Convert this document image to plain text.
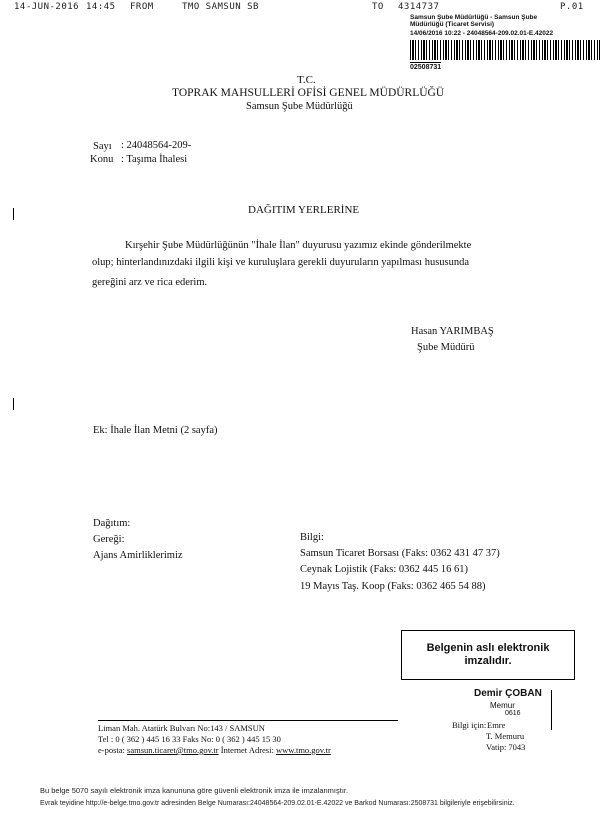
14-JUN-2016 14:45 FROM	TMO SAMSUN SB	TO 4314737	P.01
Samsun Şube Müdürlüğü - Samsun Şube
Müdürlüğü (Ticaret Servisi)
14/06/2016 10:22 - 24048564-209.02.01-E.42022
02508731
T.C.
TOPRAK MAHSULLERİ OFİSİ GENEL MÜDÜRLÜĞÜ
Samsun Şube Müdürlüğü
Sayı : 24048564-209-
Konu : Taşıma İhalesi
DAĞITIM YERLERİNE
Kırşehir Şube Müdürlüğünün "İhale İlan" duyurusu yazımız ekinde gönderilmekte
olup; hinterlandınızdaki ilgili kişi ve kuruluşlara gerekli duyuruların yapılması hususunda
gereğini arz ve rica ederim.
Hasan YARIMBAŞ
Şube Müdürü
Ek: İhale İlan Metni (2 sayfa)
Dağıtım:
Gereği:
Ajans Amirliklerimiz
Bilgi:
Samsun Ticaret Borsası (Faks: 0362 431 47 37)
Ceynak Lojistik (Faks: 0362 445 16 61)
19 Mayıs Taş. Koop (Faks: 0362 465 54 88)
Belgenin aslı elektronik
imzalıdır.
Demir ÇOBAN
Memur
0616
Liman Mah. Atatürk Bulvarı No:143 / SAMSUN
Tel : 0 ( 362 ) 445 16 33 Faks No: 0 ( 362 ) 445 15 30
e-posta: samsun.ticaret@tmo.gov.tr İnternet Adresi: www.tmo.gov.tr
Bilgi için: Emre
T. Memuru
Vatip: 7043
Bu belge 5070 sayılı elektronik imza kanununa göre güvenli elektronik imza ile imzalanmıştır.
Evrak teyidine http://e-belge.tmo.gov.tr adresinden Belge Numarası:24048564-209.02.01-E.42022 ve Barkod Numarası:2508731 bilgileriyle erişebilirsiniz.
